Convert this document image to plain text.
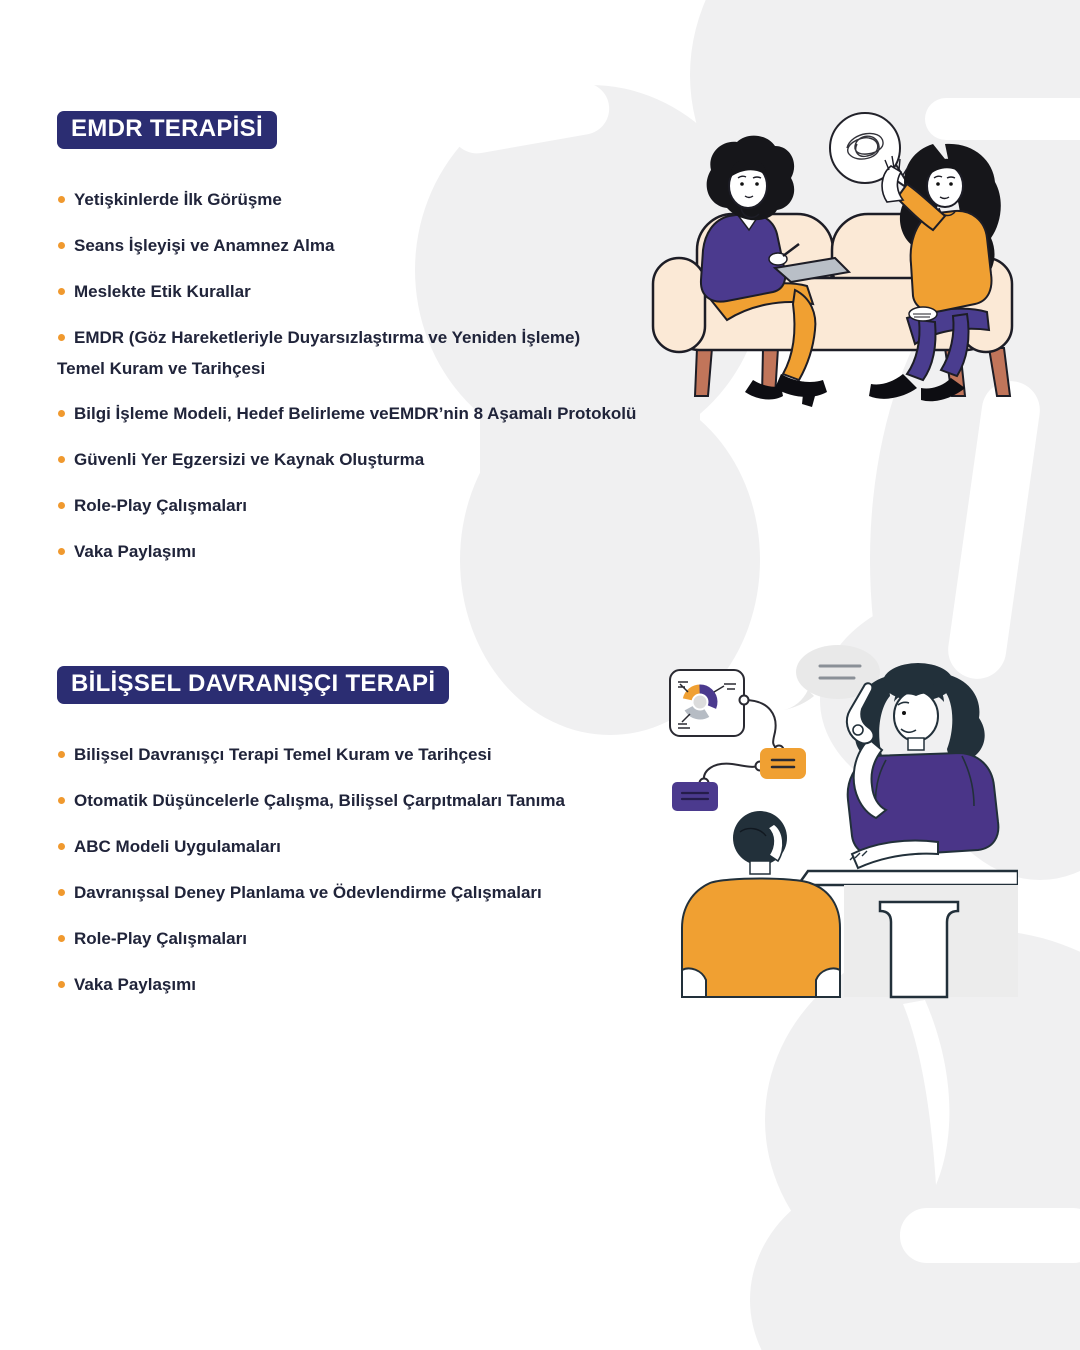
EMDR TERAPİSİ
Yetişkinlerde İlk Görüşme
Seans İşleyişi ve Anamnez Alma
Meslekte Etik Kurallar
EMDR (Göz Hareketleriyle Duyarsızlaştırma ve Yeniden İşleme)
Temel Kuram ve Tarihçesi
Bilgi İşleme Modeli, Hedef Belirleme veEMDR’nin 8 Aşamalı Protokolü
Güvenli Yer Egzersizi ve Kaynak Oluşturma
Role-Play Çalışmaları
Vaka Paylaşımı
BİLİŞSEL DAVRANIŞÇI TERAPİ
Bilişsel Davranışçı Terapi Temel Kuram ve Tarihçesi
Otomatik Düşüncelerle Çalışma, Bilişsel Çarpıtmaları Tanıma
ABC Modeli Uygulamaları
Davranışsal Deney Planlama ve Ödevlendirme Çalışmaları
Role-Play Çalışmaları
Vaka Paylaşımı
